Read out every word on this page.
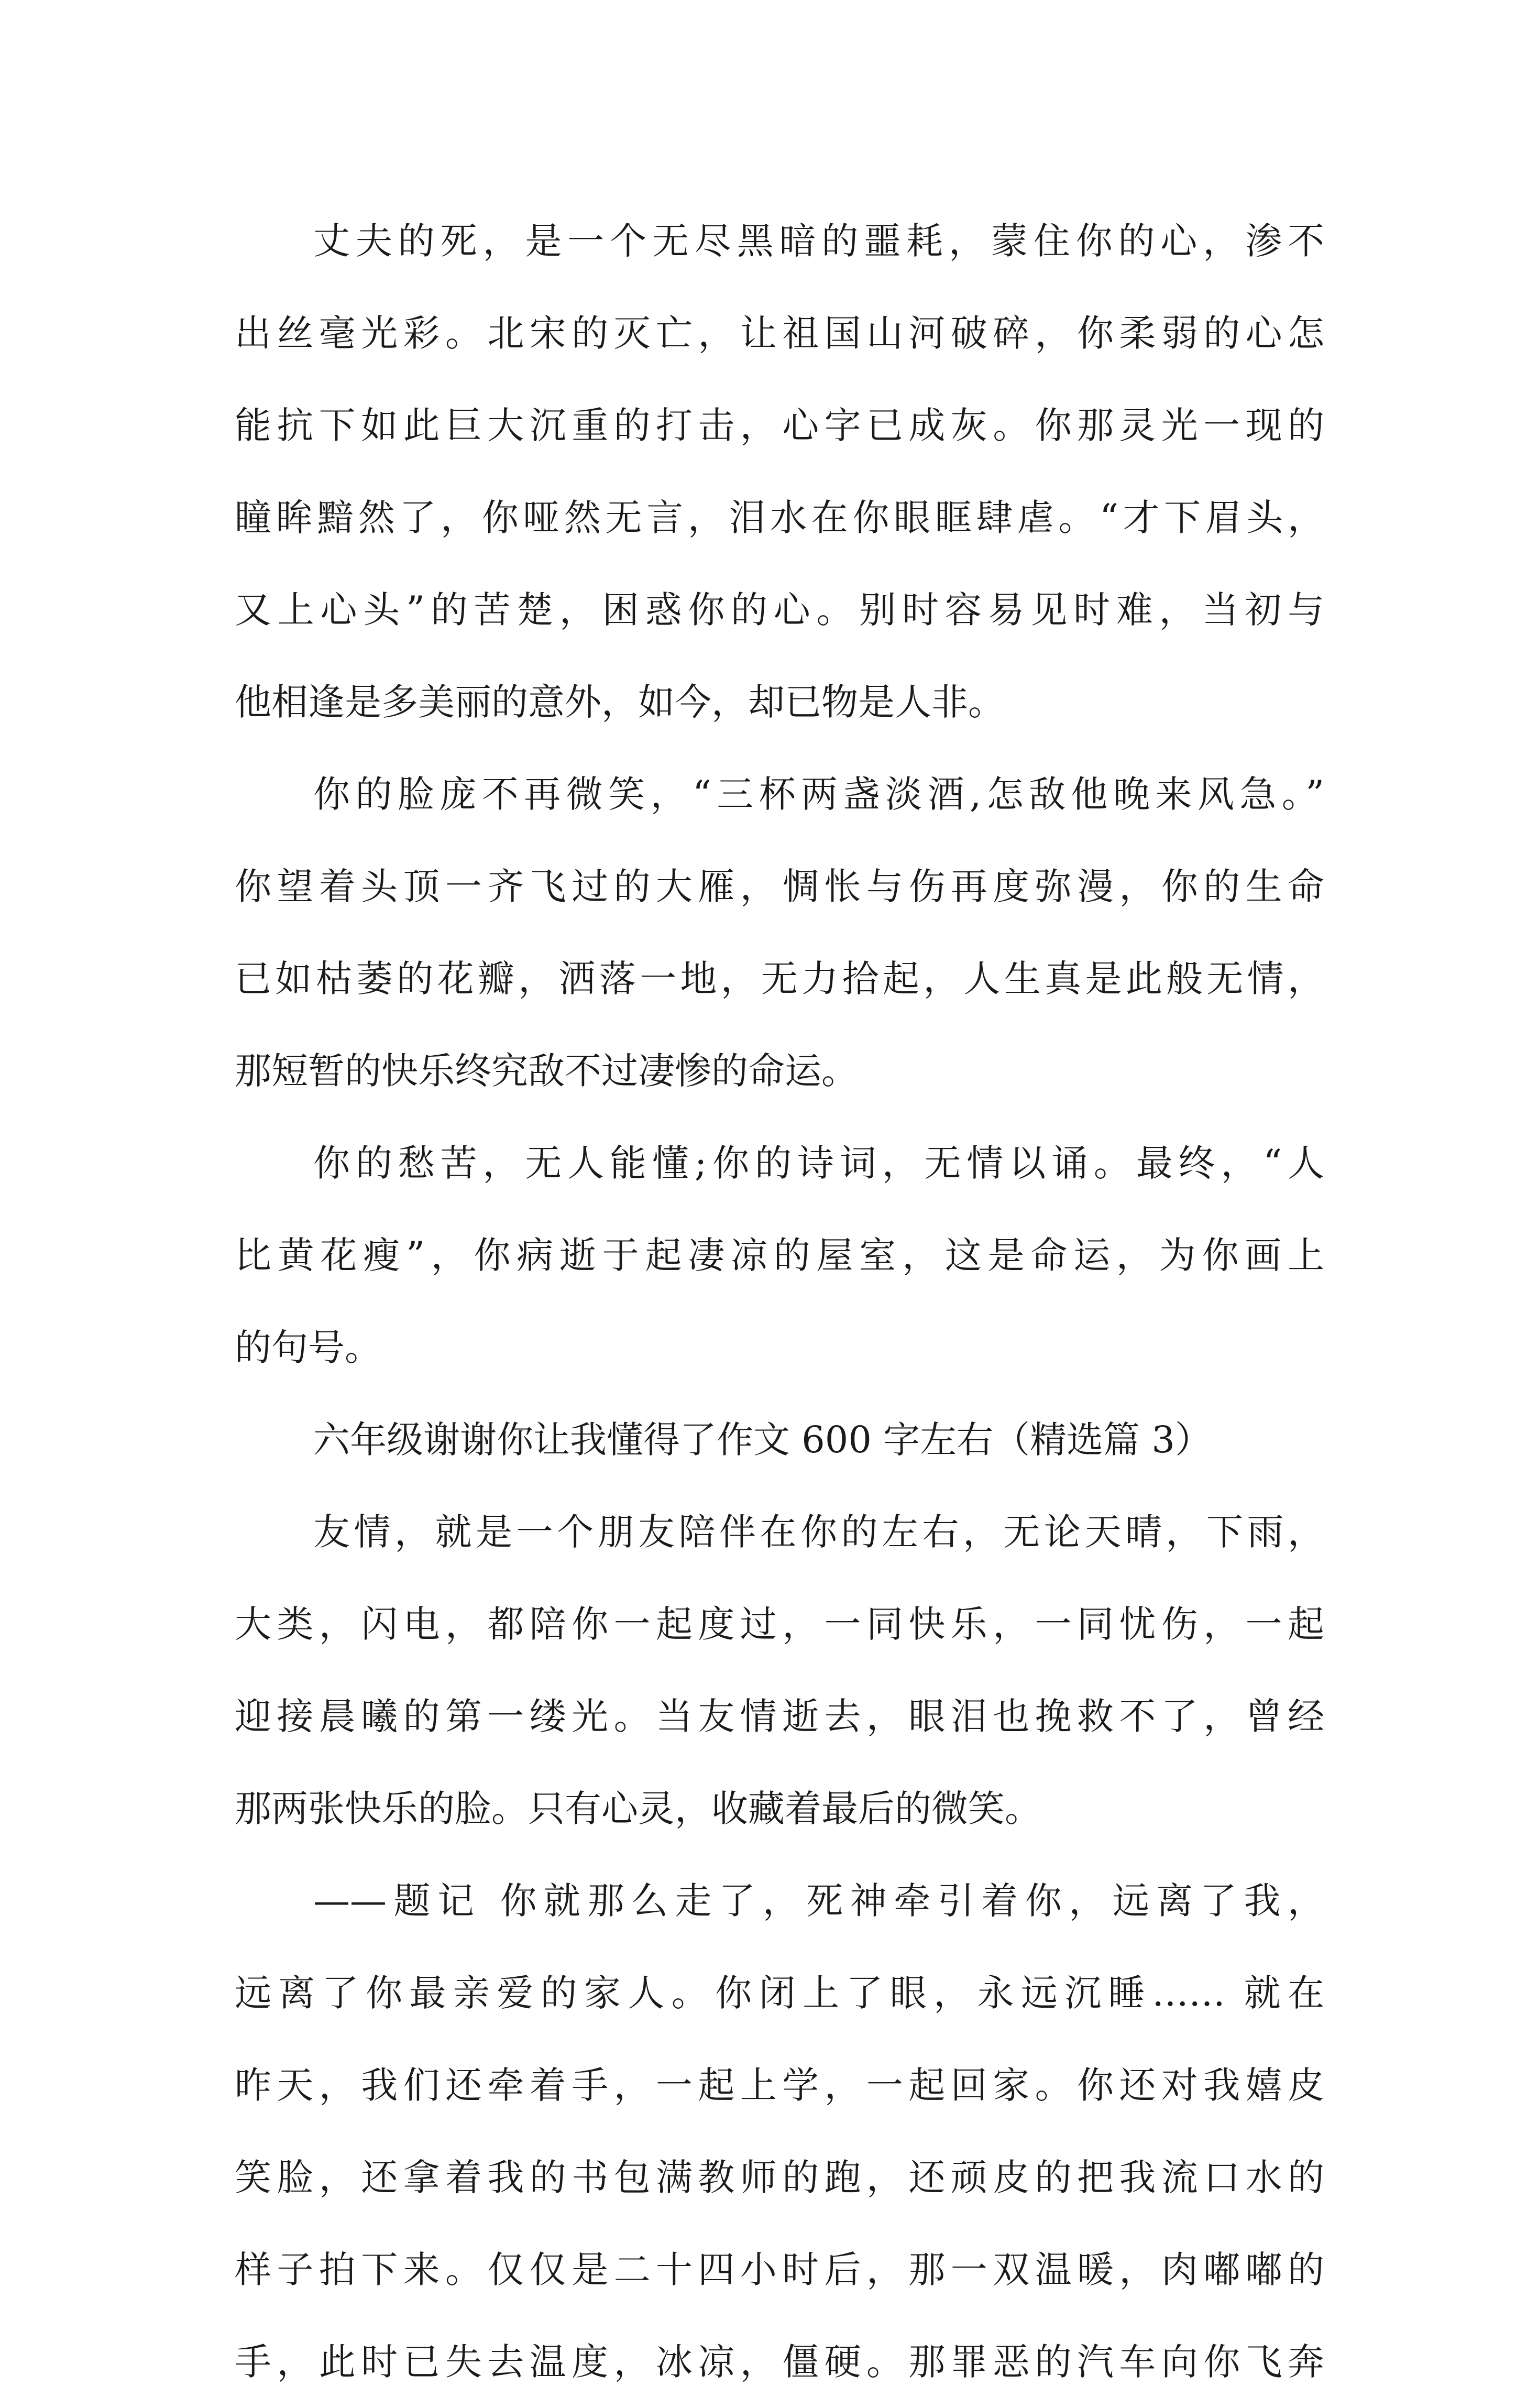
丈夫的死，是一个无尽黑暗的噩耗，蒙住你的心，渗不
出丝毫光彩。北宋的灭亡，让祖国山河破碎，你柔弱的心怎
能抗下如此巨大沉重的打击，心字已成灰。你那灵光一现的
瞳眸黯然了，你哑然无言，泪水在你眼眶肆虐。“才下眉头，
又上心头”的苦楚，困惑你的心。别时容易见时难，当初与
他相逢是多美丽的意外，如今，却已物是人非。
你的脸庞不再微笑，“三杯两盏淡酒,怎敌他晚来风急。”
你望着头顶一齐飞过的大雁，惆怅与伤再度弥漫，你的生命
已如枯萎的花瓣，洒落一地，无力拾起，人生真是此般无情，
那短暂的快乐终究敌不过凄惨的命运。
你的愁苦，无人能懂;你的诗词，无情以诵。最终，“人
比黄花瘦”，你病逝于起凄凉的屋室，这是命运，为你画上
的句号。
六年级谢谢你让我懂得了作文 600 字左右（精选篇 3）
友情，就是一个朋友陪伴在你的左右，无论天晴，下雨，
大类，闪电，都陪你一起度过，一同快乐，一同忧伤，一起
迎接晨曦的第一缕光。当友情逝去，眼泪也挽救不了，曾经
那两张快乐的脸。只有心灵，收藏着最后的微笑。
——题记 你就那么走了，死神牵引着你，远离了我，
远离了你最亲爱的家人。你闭上了眼，永远沉睡…… 就在
昨天，我们还牵着手，一起上学，一起回家。你还对我嬉皮
笑脸，还拿着我的书包满教师的跑，还顽皮的把我流口水的
样子拍下来。仅仅是二十四小时后，那一双温暖，肉嘟嘟的
手，此时已失去温度，冰凉，僵硬。那罪恶的汽车向你飞奔
